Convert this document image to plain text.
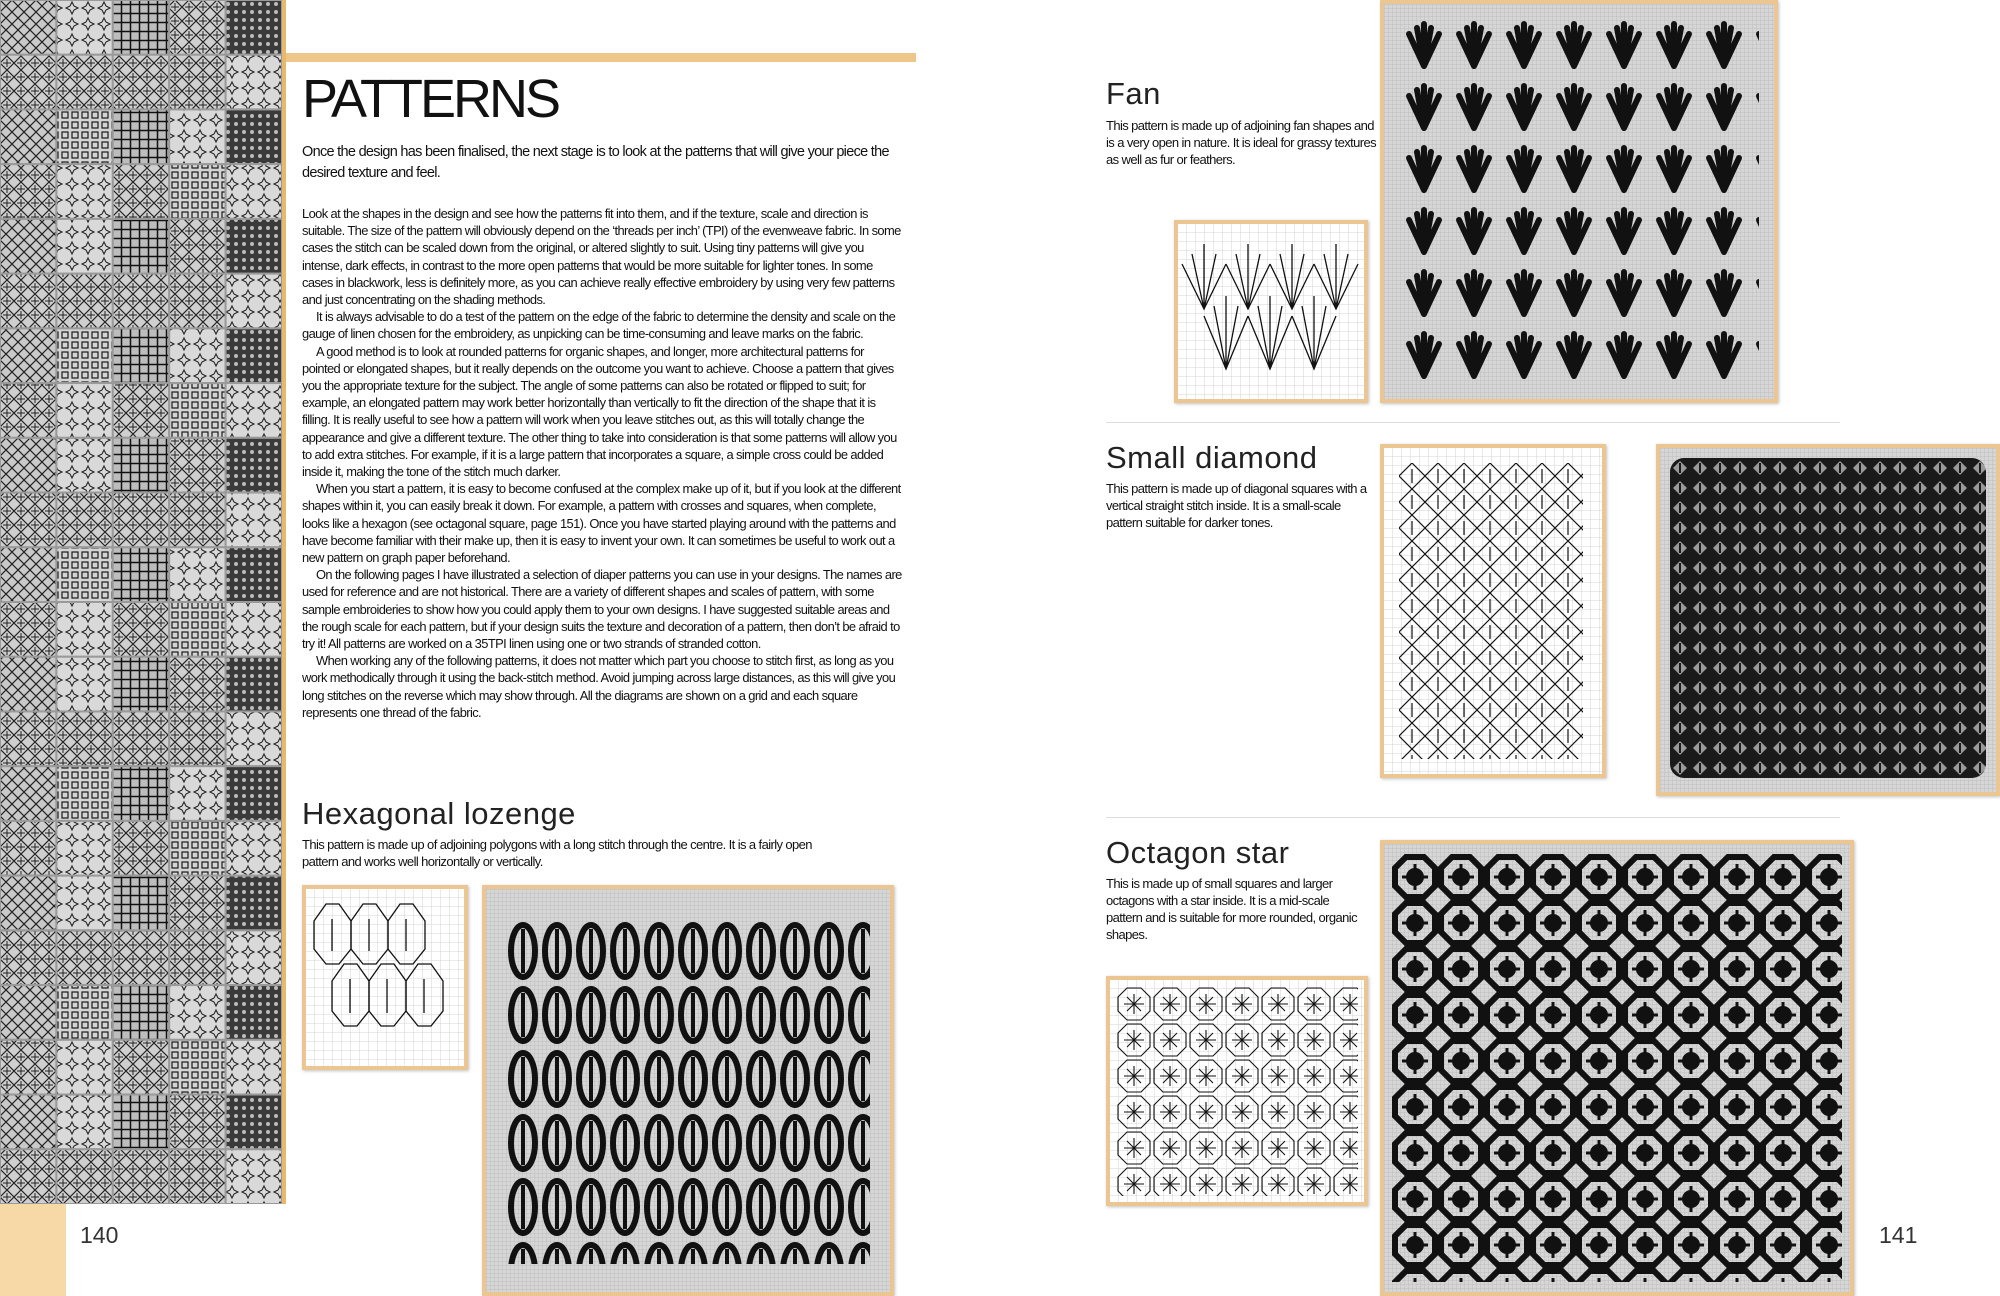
PATTERNS

Once the design has been finalised, the next stage is to look at the patterns that will give your piece the desired texture and feel.

Look at the shapes in the design and see how the patterns fit into them, and if the texture, scale and direction is suitable. The size of the pattern will obviously depend on the ‘threads per inch’ (TPI) of the evenweave fabric. In some cases the stitch can be scaled down from the original, or altered slightly to suit. Using tiny patterns will give you intense, dark effects, in contrast to the more open patterns that would be more suitable for lighter tones. In some cases in blackwork, less is definitely more, as you can achieve really effective embroidery by using very few patterns and just concentrating on the shading methods.

It is always advisable to do a test of the pattern on the edge of the fabric to determine the density and scale on the gauge of linen chosen for the embroidery, as unpicking can be time-consuming and leave marks on the fabric.

A good method is to look at rounded patterns for organic shapes, and longer, more architectural patterns for pointed or elongated shapes, but it really depends on the outcome you want to achieve. Choose a pattern that gives you the appropriate texture for the subject. The angle of some patterns can also be rotated or flipped to suit; for example, an elongated pattern may work better horizontally than vertically to fit the direction of the shape that it is filling. It is really useful to see how a pattern will work when you leave stitches out, as this will totally change the appearance and give a different texture. The other thing to take into consideration is that some patterns will allow you to add extra stitches. For example, if it is a large pattern that incorporates a square, a simple cross could be added inside it, making the tone of the stitch much darker.

When you start a pattern, it is easy to become confused at the complex make up of it, but if you look at the different shapes within it, you can easily break it down. For example, a pattern with crosses and squares, when complete, looks like a hexagon (see octagonal square, page 151). Once you have started playing around with the patterns and have become familiar with their make up, then it is easy to invent your own. It can sometimes be useful to work out a new pattern on graph paper beforehand.

On the following pages I have illustrated a selection of diaper patterns you can use in your designs. The names are used for reference and are not historical. There are a variety of different shapes and scales of pattern, with some sample embroideries to show how you could apply them to your own designs. I have suggested suitable areas and the rough scale for each pattern, but if your design suits the texture and decoration of a pattern, then don’t be afraid to try it! All patterns are worked on a 35TPI linen using one or two strands of stranded cotton.

When working any of the following patterns, it does not matter which part you choose to stitch first, as long as you work methodically through it using the back-stitch method. Avoid jumping across large distances, as this will give you long stitches on the reverse which may show through. All the diagrams are shown on a grid and each square represents one thread of the fabric.

Hexagonal lozenge

This pattern is made up of adjoining polygons with a long stitch through the centre. It is a fairly open pattern and works well horizontally or vertically.

140
Fan

This pattern is made up of adjoining fan shapes and is a very open in nature. It is ideal for grassy textures as well as fur or feathers.

Small diamond

This pattern is made up of diagonal squares with a vertical straight stitch inside. It is a small-scale pattern suitable for darker tones.

Octagon star

This is made up of small squares and larger octagons with a star inside. It is a mid-scale pattern and is suitable for more rounded, organic shapes.

141
